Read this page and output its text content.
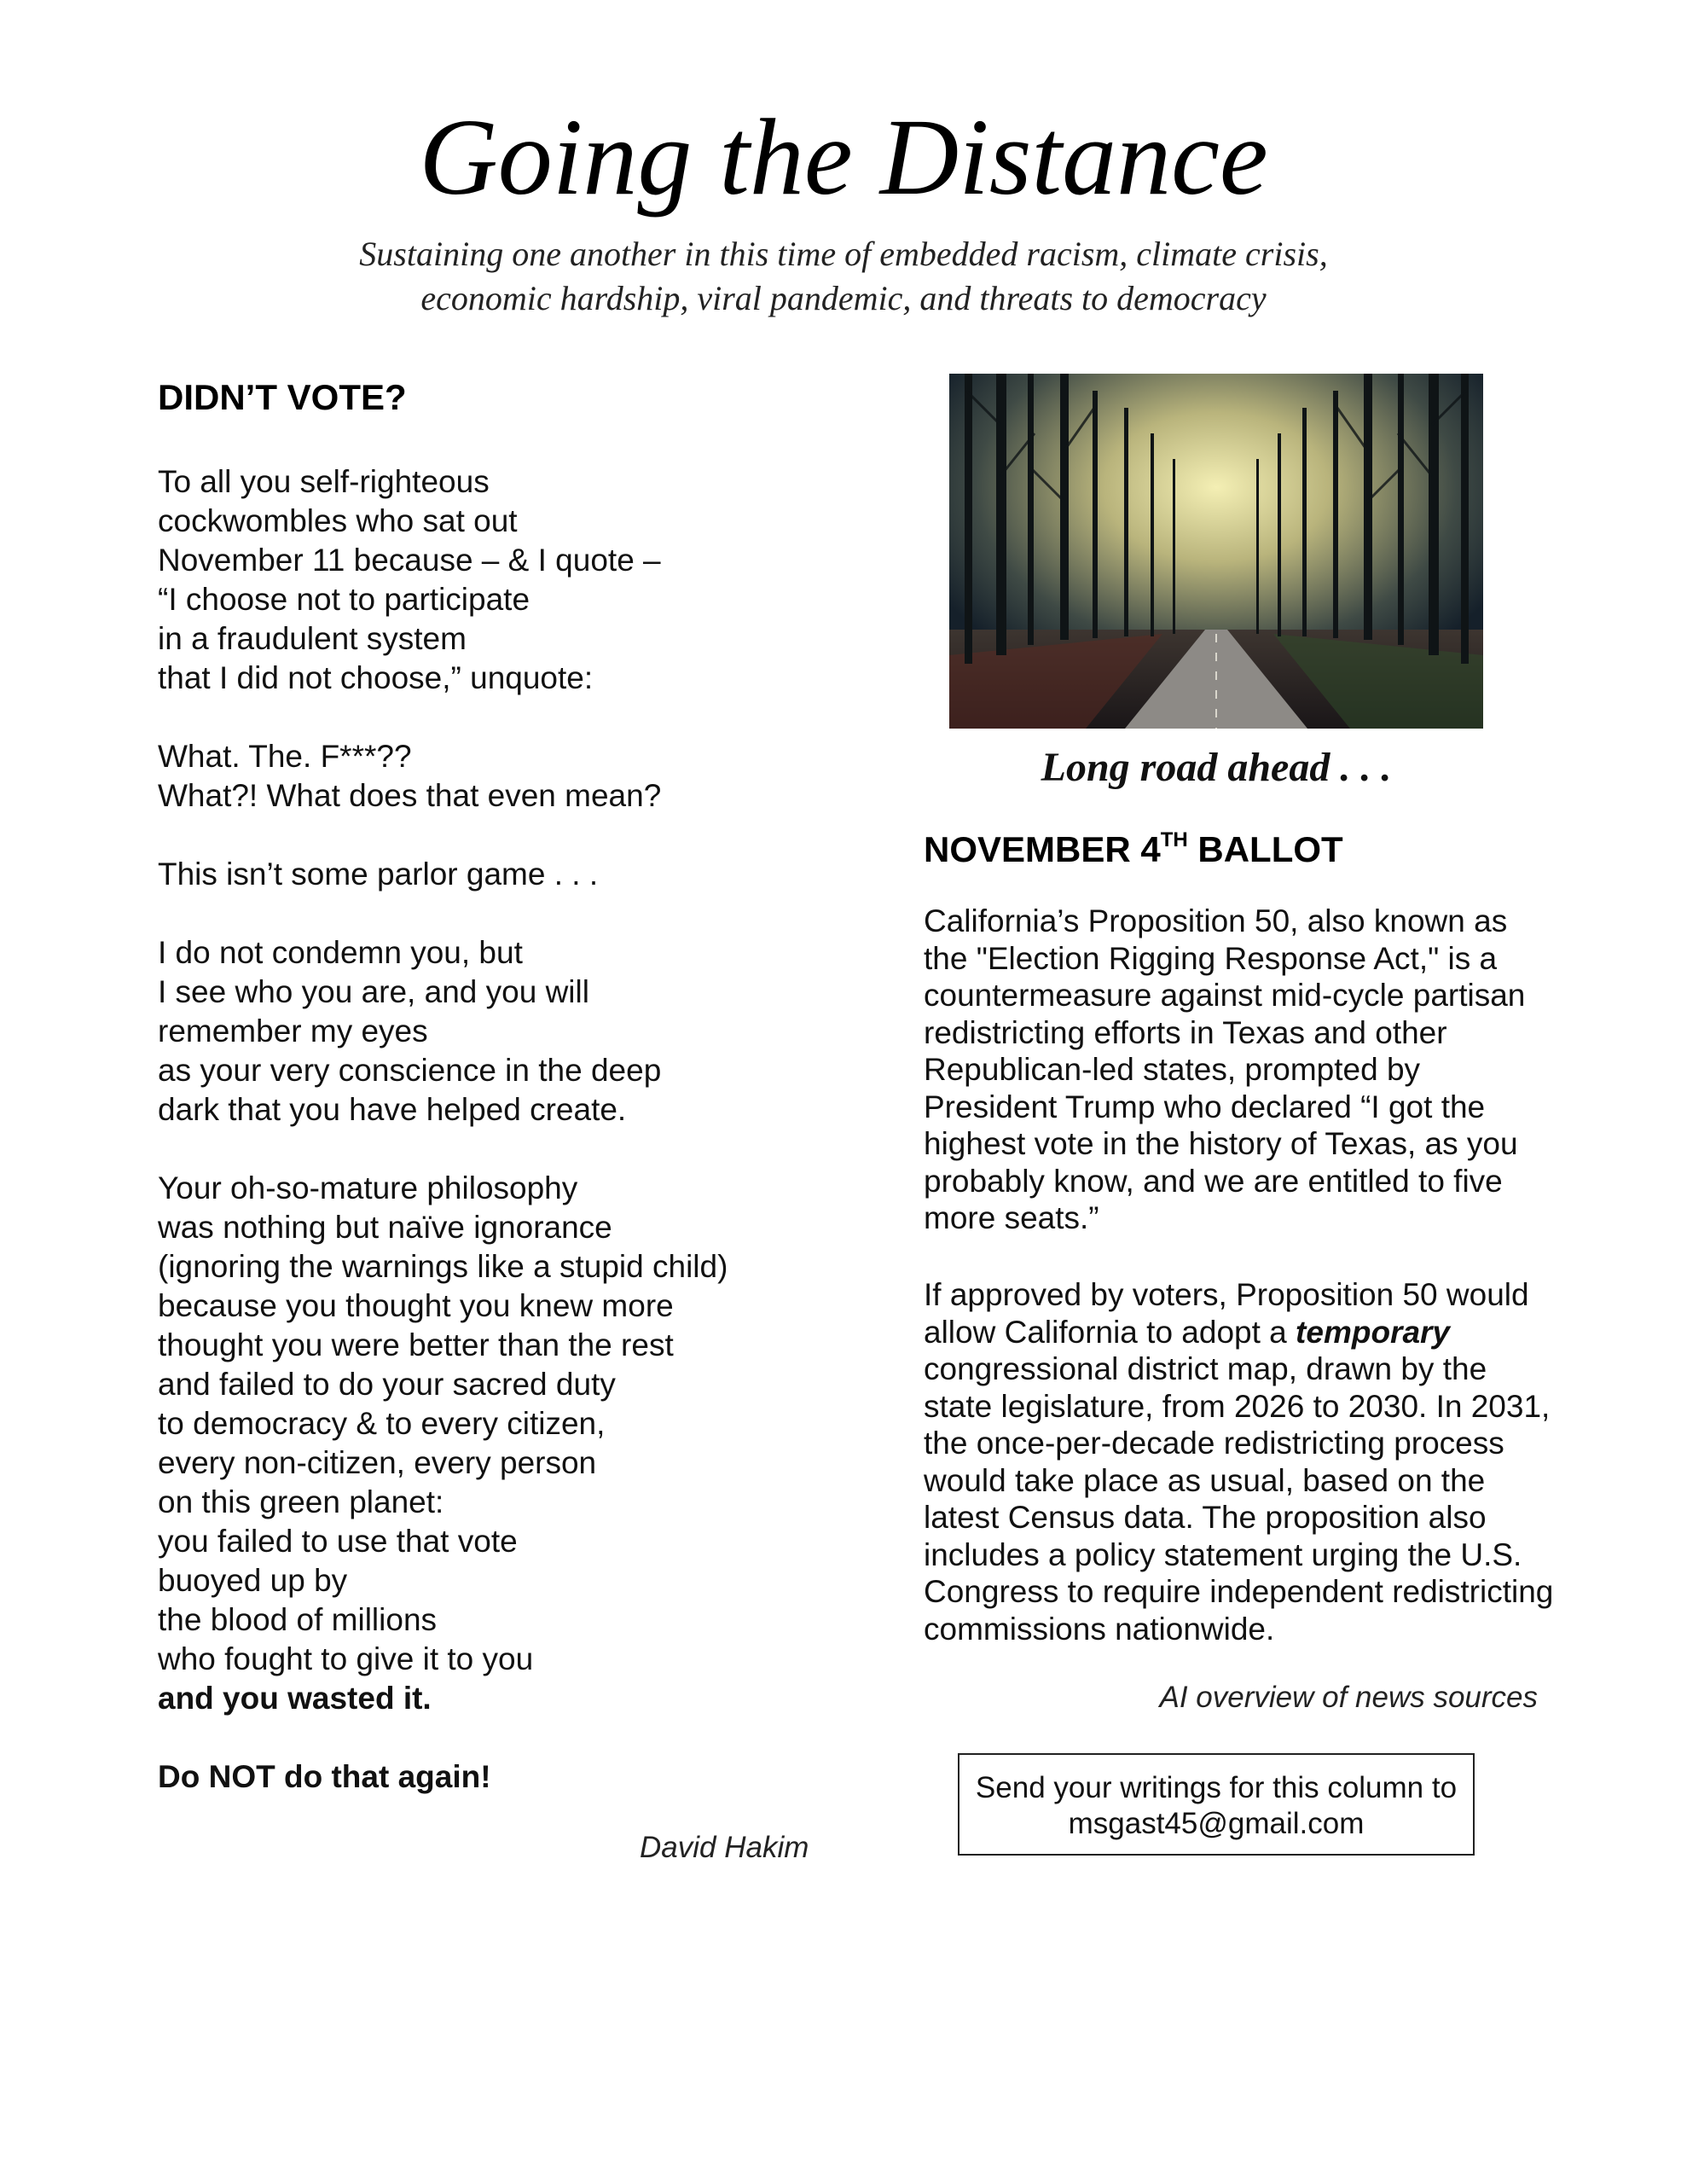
Going the Distance
Sustaining one another in this time of embedded racism, climate crisis,
economic hardship, viral pandemic, and threats to democracy
DIDN’T VOTE?
To all you self-righteous
cockwombles who sat out
November 11 because – & I quote –
“I choose not to participate
in a fraudulent system
that I did not choose,” unquote:
What. The. F***??
What?! What does that even mean?
This isn’t some parlor game . . .
I do not condemn you, but
I see who you are, and you will
remember my eyes
as your very conscience in the deep
dark that you have helped create.
Your oh-so-mature philosophy
was nothing but naïve ignorance
(ignoring the warnings like a stupid child)
because you thought you knew more
thought you were better than the rest
and failed to do your sacred duty
to democracy & to every citizen,
every non-citizen, every person
on this green planet:
you failed to use that vote
buoyed up by
the blood of millions
who fought to give it to you
and you wasted it.
Do NOT do that again!
David Hakim
Long road ahead . . .
NOVEMBER 4TH BALLOT
California’s Proposition 50, also known as the "Election Rigging Response Act," is a countermeasure against mid-cycle partisan redistricting efforts in Texas and other Republican-led states, prompted by President Trump who declared “I got the highest vote in the history of Texas, as you probably know, and we are entitled to five more seats.”
If approved by voters, Proposition 50 would allow California to adopt a temporary congressional district map, drawn by the state legislature, from 2026 to 2030. In 2031, the once-per-decade redistricting process would take place as usual, based on the latest Census data. The proposition also includes a policy statement urging the U.S. Congress to require independent redistricting commissions nationwide.
AI overview of news sources
Send your writings for this column to
msgast45@gmail.com
